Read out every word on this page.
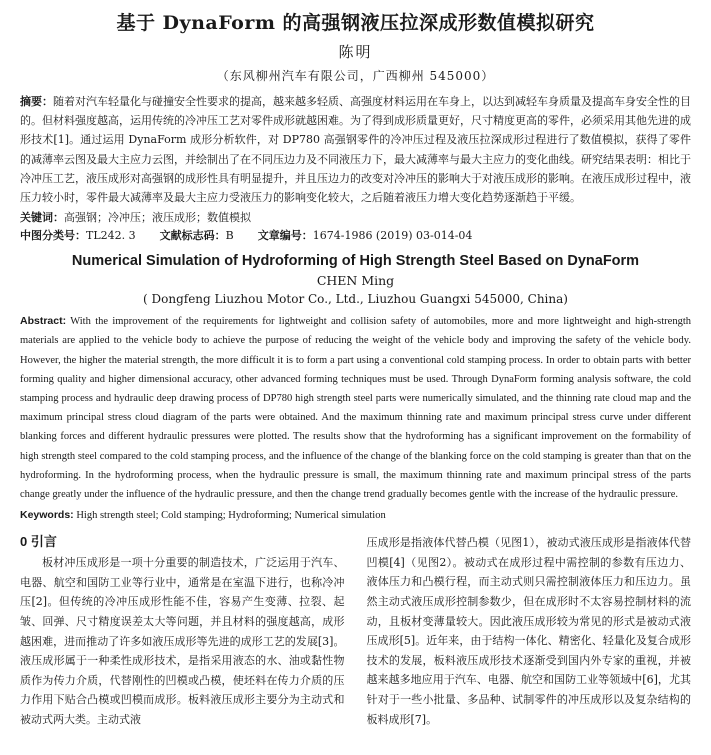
基于 DynaForm 的高强钢液压拉深成形数值模拟研究
陈明
（东风柳州汽车有限公司，广西柳州 545000）
摘要：随着对汽车轻量化与碰撞安全性要求的提高，越来越多轻质、高强度材料运用在车身上，以达到减轻车身质量及提高车身安全性的目的。但材料强度越高，运用传统的冷冲压工艺对零件成形就越困难。为了得到成形质量更好，尺寸精度更高的零件，必须采用其他先进的成形技术[1]。通过运用 DynaForm 成形分析软件，对 DP780 高强钢零件的冷冲压过程及液压拉深成形过程进行了数值模拟，获得了零件的减薄率云图及最大主应力云图，并绘制出了在不同压边力及不同液压力下，最大减薄率与最大主应力的变化曲线。研究结果表明：相比于冷冲压工艺，液压成形对高强钢的成形性具有明显提升，并且压边力的改变对冷冲压的影响大于对液压成形的影响。在液压成形过程中，液压力较小时，零件最大减薄率及最大主应力受液压力的影响变化较大，之后随着液压力增大变化趋势逐渐趋于平缓。
关键词：高强钢；冷冲压；液压成形；数值模拟
中图分类号：TL242. 3 文献标志码：B 文章编号：1674-1986 (2019) 03-014-04
Numerical Simulation of Hydroforming of High Strength Steel Based on DynaForm
CHEN Ming
( Dongfeng Liuzhou Motor Co., Ltd., Liuzhou Guangxi 545000, China)
Abstract: With the improvement of the requirements for lightweight and collision safety of automobiles, more and more lightweight and high-strength materials are applied to the vehicle body to achieve the purpose of reducing the weight of the vehicle body and improving the safety of the vehicle body. However, the higher the material strength, the more difficult it is to form a part using a conventional cold stamping process. In order to obtain parts with better forming quality and higher dimensional accuracy, other advanced forming techniques must be used. Through DynaForm forming analysis software, the cold stamping process and hydraulic deep drawing process of DP780 high strength steel parts were numerically simulated, and the thinning rate cloud map and the maximum principal stress cloud diagram of the parts were obtained. And the maximum thinning rate and maximum principal stress curve under different blanking forces and different hydraulic pressures were plotted. The results show that the hydroforming has a significant improvement on the formability of high strength steel compared to the cold stamping process, and the influence of the change of the blanking force on the cold stamping is greater than that on the hydroforming. In the hydroforming process, when the hydraulic pressure is small, the maximum thinning rate and maximum principal stress of the parts change greatly under the influence of the hydraulic pressure, and then the change trend gradually becomes gentle with the increase of the hydraulic pressure.
Keywords: High strength steel; Cold stamping; Hydroforming; Numerical simulation
0 引言

板材冲压成形是一项十分重要的制造技术，广泛运用于汽车、电器、航空和国防工业等行业中，通常是在室温下进行，也称冷冲压[2]。但传统的冷冲压成形性能不佳，容易产生变薄、拉裂、起皱、回弹、尺寸精度误差太大等问题，并且材料的强度越高，成形越困难，进而推动了许多如液压成形等先进的成形工艺的发展[3]。液压成形属于一种柔性成形技术，是指采用液态的水、油或黏性物质作为传力介质，代替刚性的凹模或凸模，使坯料在传力介质的压力作用下贴合凸模或凹模而成形。板料液压成形主要分为主动式和被动式两大类。主动式液

压成形是指液体代替凸模（见图1），被动式液压成形是指液体代替凹模[4]（见图2）。被动式在成形过程中需控制的参数有压边力、液体压力和凸模行程，而主动式则只需控制液体压力和压边力。虽然主动式液压成形控制参数少，但在成形时不太容易控制材料的流动，且板材变薄量较大。因此液压成形较为常见的形式是被动式液压成形[5]。近年来，由于结构一体化、精密化、轻量化及复合成形技术的发展，板料液压成形技术逐渐受到国内外专家的重视，并被越来越多地应用于汽车、电器、航空和国防工业等领域中[6]，尤其针对于一些小批量、多品种、试制零件的冲压成形以及复杂结构的板料成形[7]。
